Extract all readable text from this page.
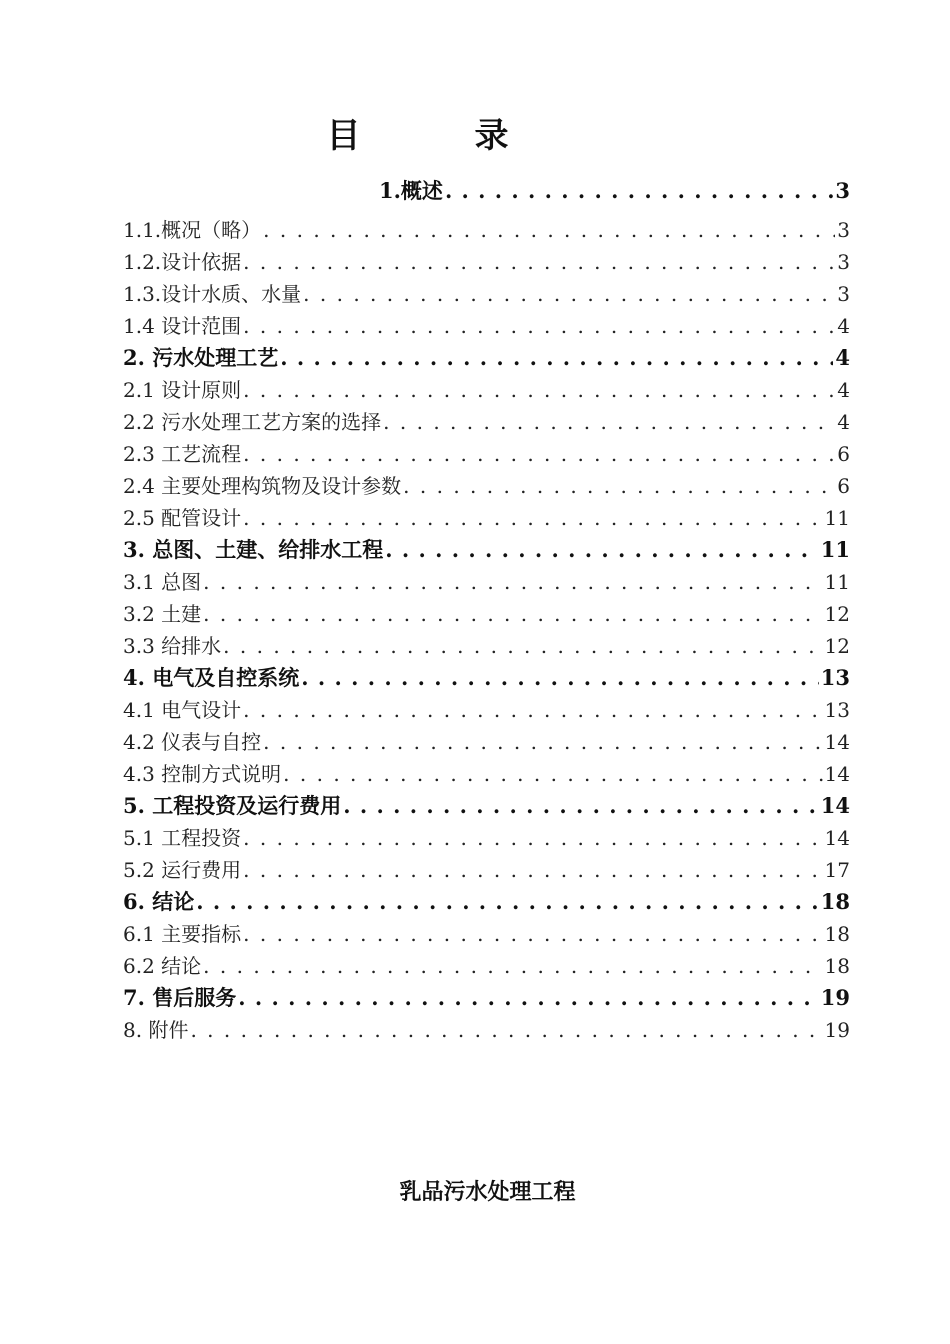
目　录
1.概述 . . .	3
1.1.概况（略） . . .	3
1.2.设计依据 . . .	3
1.3.设计水质、水量 . . .	3
1.4 设计范围 . . .	4
2. 污水处理工艺 . . .	4
2.1 设计原则 . . .	4
2.2 污水处理工艺方案的选择 . . .	4
2.3 工艺流程 . . .	6
2.4 主要处理构筑物及设计参数 . . .	6
2.5 配管设计 . . .	11
3. 总图、土建、给排水工程 . . .	11
3.1 总图 . . .	11
3.2 土建 . . .	12
3.3 给排水 . . .	12
4. 电气及自控系统 . . .	13
4.1 电气设计 . . .	13
4.2 仪表与自控 . . .	14
4.3 控制方式说明 . . .	14
5. 工程投资及运行费用 . . .	14
5.1 工程投资 . . .	14
5.2 运行费用 . . .	17
6. 结论 . . .	18
6.1 主要指标 . . .	18
6.2 结论 . . .	18
7. 售后服务 . . .	19
8. 附件 . . .	19
乳品污水处理工程
